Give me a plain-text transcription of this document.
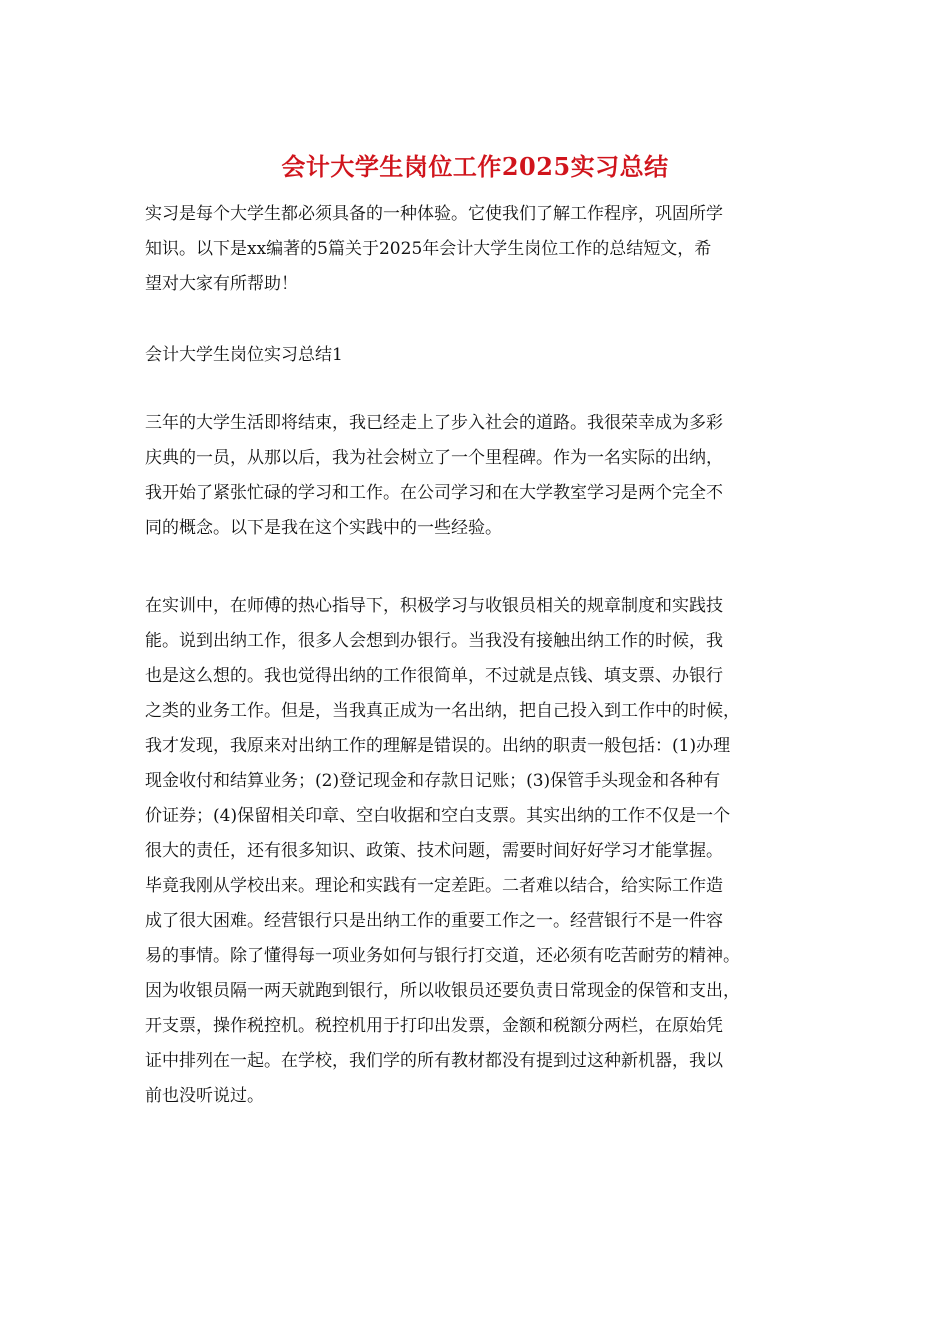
会计大学生岗位工作2025实习总结
实习是每个大学生都必须具备的一种体验。它使我们了解工作程序，巩固所学
知识。以下是xx编著的5篇关于2025年会计大学生岗位工作的总结短文，希
望对大家有所帮助！
会计大学生岗位实习总结1
三年的大学生活即将结束，我已经走上了步入社会的道路。我很荣幸成为多彩
庆典的一员，从那以后，我为社会树立了一个里程碑。作为一名实际的出纳，
我开始了紧张忙碌的学习和工作。在公司学习和在大学教室学习是两个完全不
同的概念。以下是我在这个实践中的一些经验。
在实训中，在师傅的热心指导下，积极学习与收银员相关的规章制度和实践技
能。说到出纳工作，很多人会想到办银行。当我没有接触出纳工作的时候，我
也是这么想的。我也觉得出纳的工作很简单，不过就是点钱、填支票、办银行
之类的业务工作。但是，当我真正成为一名出纳，把自己投入到工作中的时候，
我才发现，我原来对出纳工作的理解是错误的。出纳的职责一般包括：(1)办理
现金收付和结算业务；(2)登记现金和存款日记账；(3)保管手头现金和各种有
价证券；(4)保留相关印章、空白收据和空白支票。其实出纳的工作不仅是一个
很大的责任，还有很多知识、政策、技术问题，需要时间好好学习才能掌握。
毕竟我刚从学校出来。理论和实践有一定差距。二者难以结合，给实际工作造
成了很大困难。经营银行只是出纳工作的重要工作之一。经营银行不是一件容
易的事情。除了懂得每一项业务如何与银行打交道，还必须有吃苦耐劳的精神。
因为收银员隔一两天就跑到银行，所以收银员还要负责日常现金的保管和支出，
开支票，操作税控机。税控机用于打印出发票，金额和税额分两栏，在原始凭
证中排列在一起。在学校，我们学的所有教材都没有提到过这种新机器，我以
前也没听说过。
